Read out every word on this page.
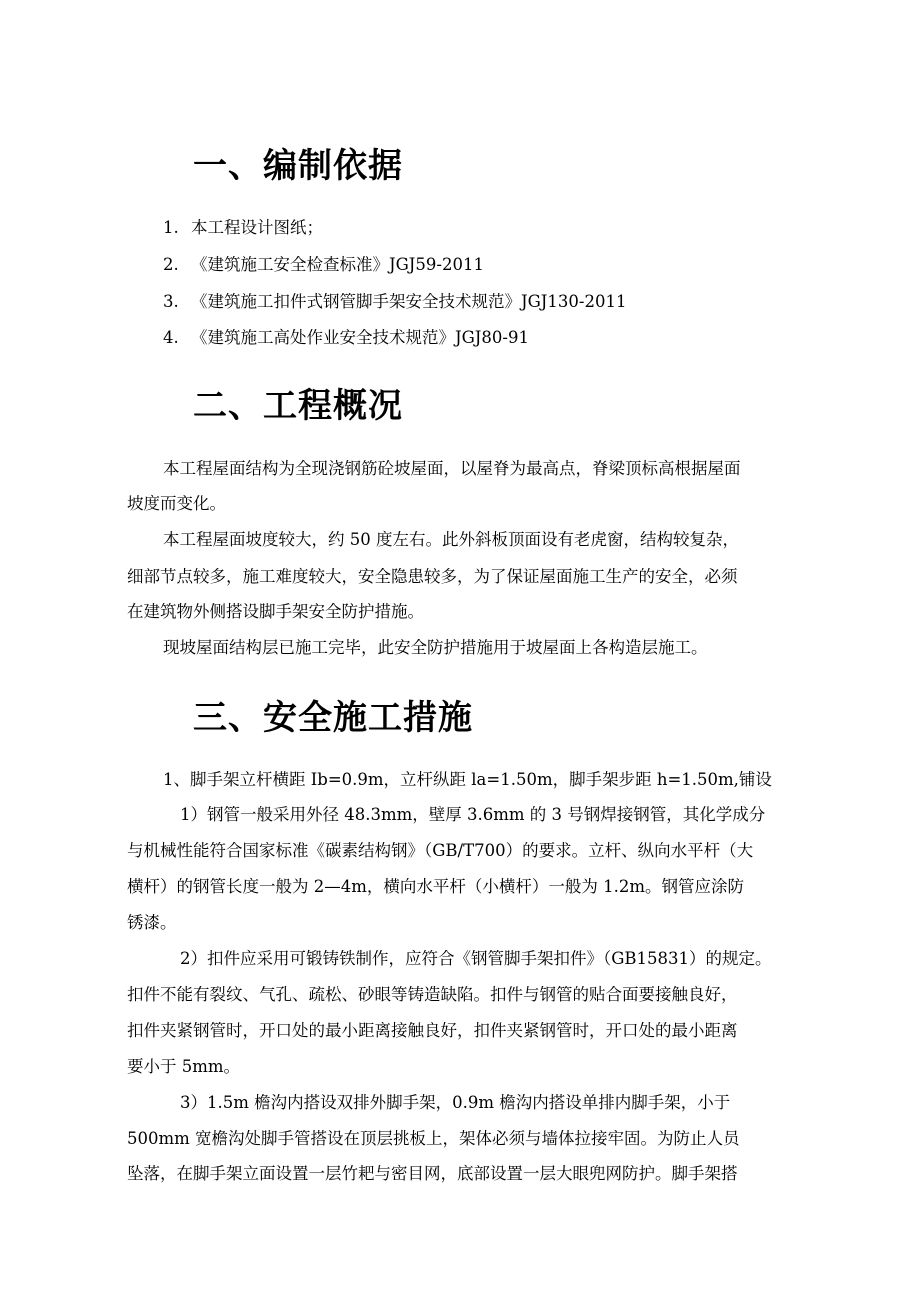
一、编制依据
1. 本工程设计图纸；
2. 《建筑施工安全检查标准》JGJ59-2011
3. 《建筑施工扣件式钢管脚手架安全技术规范》JGJ130-2011
4. 《建筑施工高处作业安全技术规范》JGJ80-91
二、工程概况
本工程屋面结构为全现浇钢筋砼坡屋面，以屋脊为最高点，脊梁顶标高根据屋面
坡度而变化。
本工程屋面坡度较大，约 50 度左右。此外斜板顶面设有老虎窗，结构较复杂，
细部节点较多，施工难度较大，安全隐患较多，为了保证屋面施工生产的安全，必须
在建筑物外侧搭设脚手架安全防护措施。
现坡屋面结构层已施工完毕，此安全防护措施用于坡屋面上各构造层施工。
三、安全施工措施
1、脚手架立杆横距 Ib=0.9m，立杆纵距 la=1.50m，脚手架步距 h=1.50m,铺设
1）钢管一般采用外径 48.3mm，壁厚 3.6mm 的 3 号钢焊接钢管，其化学成分
与机械性能符合国家标准《碳素结构钢》（GB/T700）的要求。立杆、纵向水平杆（大
横杆）的钢管长度一般为 2—4m，横向水平杆（小横杆）一般为 1.2m。钢管应涂防
锈漆。
2）扣件应采用可锻铸铁制作，应符合《钢管脚手架扣件》（GB15831）的规定。
扣件不能有裂纹、气孔、疏松、砂眼等铸造缺陷。扣件与钢管的贴合面要接触良好，
扣件夹紧钢管时，开口处的最小距离接触良好，扣件夹紧钢管时，开口处的最小距离
要小于 5mm。
3）1.5m 檐沟内搭设双排外脚手架，0.9m 檐沟内搭设单排内脚手架，小于
500mm 宽檐沟处脚手管搭设在顶层挑板上，架体必须与墙体拉接牢固。为防止人员
坠落，在脚手架立面设置一层竹耙与密目网，底部设置一层大眼兜网防护。脚手架搭
